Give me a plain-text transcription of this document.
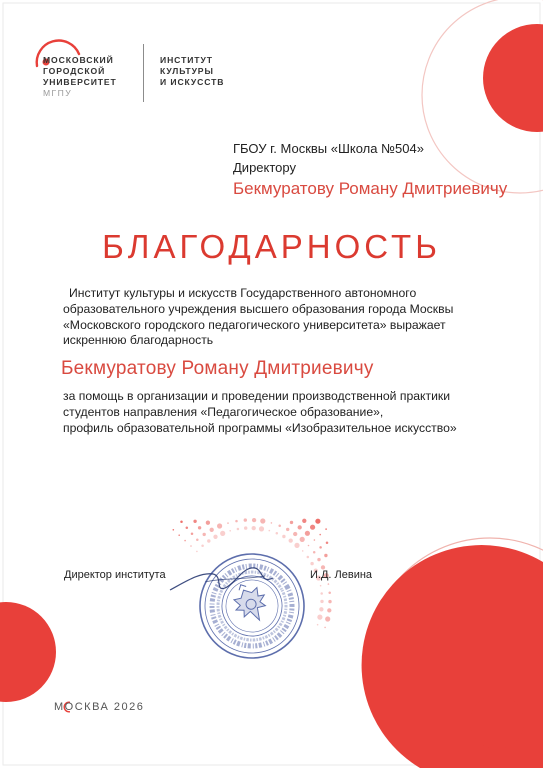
МОСКОВСКИЙ
ГОРОДСКОЙ
УНИВЕРСИТЕТ
МГПУ
ИНСТИТУТ
КУЛЬТУРЫ
И ИСКУССТВ
ГБОУ г. Москвы «Школа №504»
Директору
Бекмуратову Роману Дмитриевичу
БЛАГОДАРНОСТЬ
Институт культуры и искусств Государственного автономного
образовательного учреждения высшего образования города Москвы
«Московского городского педагогического университета» выражает
искреннюю благодарность
Бекмуратову Роману Дмитриевичу
за помощь в организации и проведении производственной практики
студентов направления «Педагогическое образование»,
профиль образовательной программы «Изобразительное искусство»
Директор института	И.Д. Левина
МОСКВА 2026
